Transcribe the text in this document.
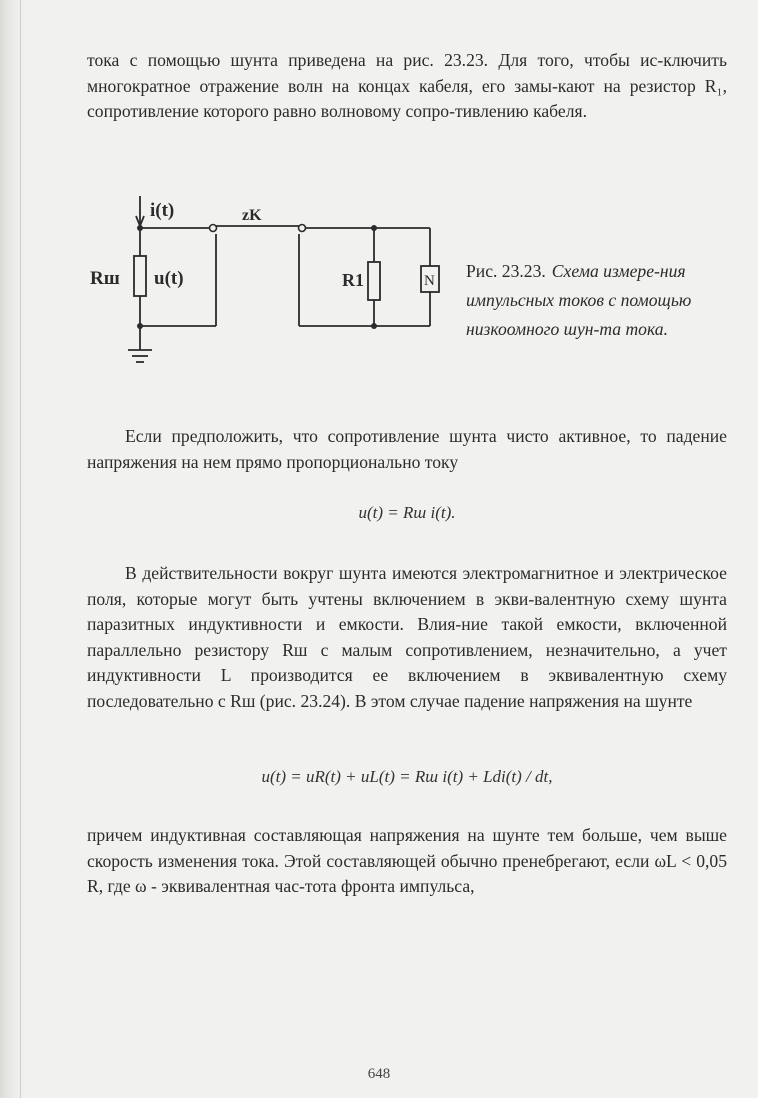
тока с помощью шунта приведена на рис. 23.23. Для того, чтобы ис-ключить многократное отражение волн на концах кабеля, его замы-кают на резистор R₁, сопротивление которого равно волновому сопро-тивлению кабеля.

i(t)	zK
Rш u(t)	R1	N Рис. 23.23. Схема измере-ния импульсных токов с помощью низкоомного шун-та тока.

Если предположить, что сопротивление шунта чисто активное, то падение напряжения на нем прямо пропорционально току

u(t) = Rш i(t).

В действительности вокруг шунта имеются электромагнитное и электрическое поля, которые могут быть учтены включением в экви-валентную схему шунта паразитных индуктивности и емкости. Влия-ние такой емкости, включенной параллельно резистору Rш с малым сопротивлением, незначительно, а учет индуктивности L производится ее включением в эквивалентную схему последовательно с Rш (рис. 23.24). В этом случае падение напряжения на шунте

u(t) = uR(t) + uL(t) = Rш i(t) + Ldi(t) / dt,

причем индуктивная составляющая напряжения на шунте тем больше, чем выше скорость изменения тока. Этой составляющей обычно пренебрегают, если ωL < 0,05 R, где ω - эквивалентная час-тота фронта импульса,

648
